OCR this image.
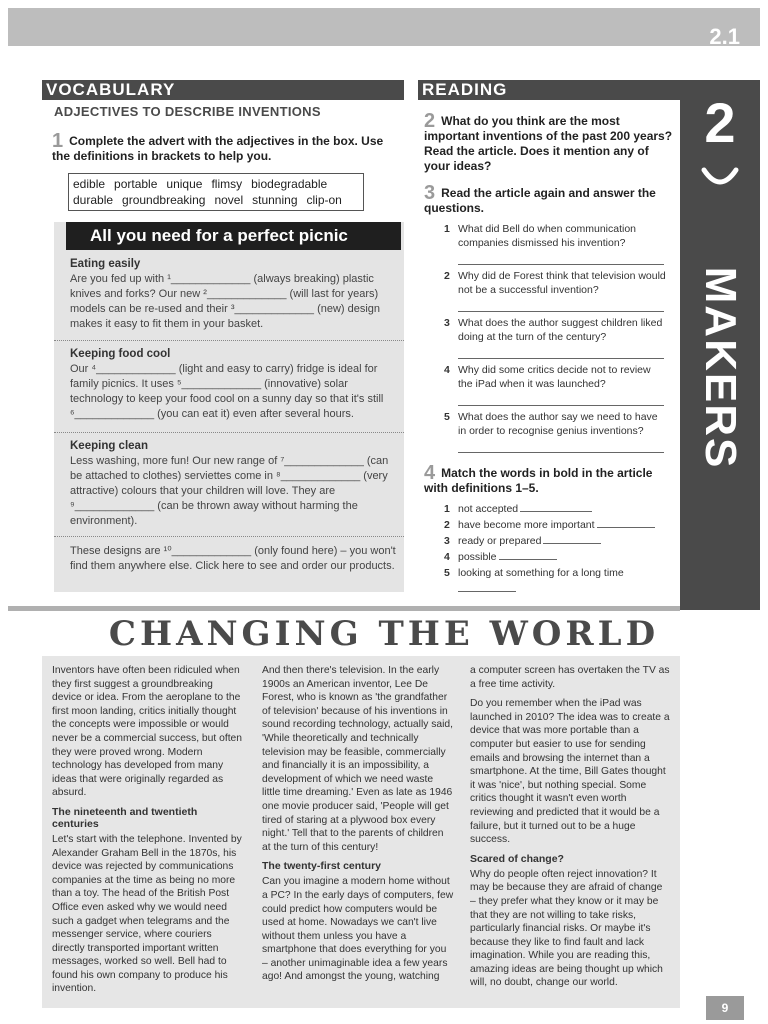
2.1
2
MAKERS
VOCABULARY
ADJECTIVES TO DESCRIBE INVENTIONS
1 Complete the advert with the adjectives in the box. Use the definitions in brackets to help you.
edible portable unique flimsy biodegradable
durable groundbreaking novel stunning clip-on
All you need for a perfect picnic
Eating easily

Are you fed up with ¹_____________ (always breaking) plastic knives and forks? Our new ²_____________ (will last for years) models can be re-used and their ³_____________ (new) design makes it easy to fit them in your basket.

Keeping food cool

Our ⁴_____________ (light and easy to carry) fridge is ideal for family picnics. It uses ⁵_____________ (innovative) solar technology to keep your food cool on a sunny day so that it's still ⁶_____________ (you can eat it) even after several hours.

Keeping clean

Less washing, more fun! Our new range of ⁷_____________ (can be attached to clothes) serviettes come in ⁸_____________ (very attractive) colours that your children will love. They are ⁹_____________ (can be thrown away without harming the environment).

These designs are ¹⁰_____________ (only found here) – you won't find them anywhere else. Click here to see and order our products.

READING
2 What do you think are the most important inventions of the past 200 years? Read the article. Does it mention any of your ideas?
3 Read the article again and answer the questions.
1 What did Bell do when communication companies dismissed his invention?
2 Why did de Forest think that television would not be a successful invention?
3 What does the author suggest children liked doing at the turn of the century?
4 Why did some critics decide not to review the iPad when it was launched?
5 What does the author say we need to have in order to recognise genius inventions?
4 Match the words in bold in the article with definitions 1–5.
1 not accepted
2 have become more important
3 ready or prepared
4 possible
5 looking at something for a long time
CHANGING THE WORLD

Inventors have often been ridiculed when they first suggest a groundbreaking device or idea. From the aeroplane to the first moon landing, critics initially thought the concepts were impossible or would never be a commercial success, but often they were proved wrong. Modern technology has developed from many ideas that were originally regarded as absurd.

The nineteenth and twentieth centuries

Let's start with the telephone. Invented by Alexander Graham Bell in the 1870s, his device was rejected by communications companies at the time as being no more than a toy. The head of the British Post Office even asked why we would need such a gadget when telegrams and the messenger service, where couriers directly transported important written messages, worked so well. Bell had to found his own company to produce his invention.

And then there's television. In the early 1900s an American inventor, Lee De Forest, who is known as 'the grandfather of television' because of his inventions in sound recording technology, actually said, 'While theoretically and technically television may be feasible, commercially and financially it is an impossibility, a development of which we need waste little time dreaming.' Even as late as 1946 one movie producer said, 'People will get tired of staring at a plywood box every night.' Tell that to the parents of children at the turn of this century!

The twenty-first century

Can you imagine a modern home without a PC? In the early days of computers, few could predict how computers would be used at home. Nowadays we can't live without them unless you have a smartphone that does everything for you – another unimaginable idea a few years ago! And amongst the young, watching

a computer screen has overtaken the TV as a free time activity.

Do you remember when the iPad was launched in 2010? The idea was to create a device that was more portable than a computer but easier to use for sending emails and browsing the internet than a smartphone. At the time, Bill Gates thought it was 'nice', but nothing special. Some critics thought it wasn't even worth reviewing and predicted that it would be a failure, but it turned out to be a huge success.

Scared of change?

Why do people often reject innovation? It may be because they are afraid of change – they prefer what they know or it may be that they are not willing to take risks, particularly financial risks. Or maybe it's because they like to find fault and lack imagination. While you are reading this, amazing ideas are being thought up which will, no doubt, change our world.

9
